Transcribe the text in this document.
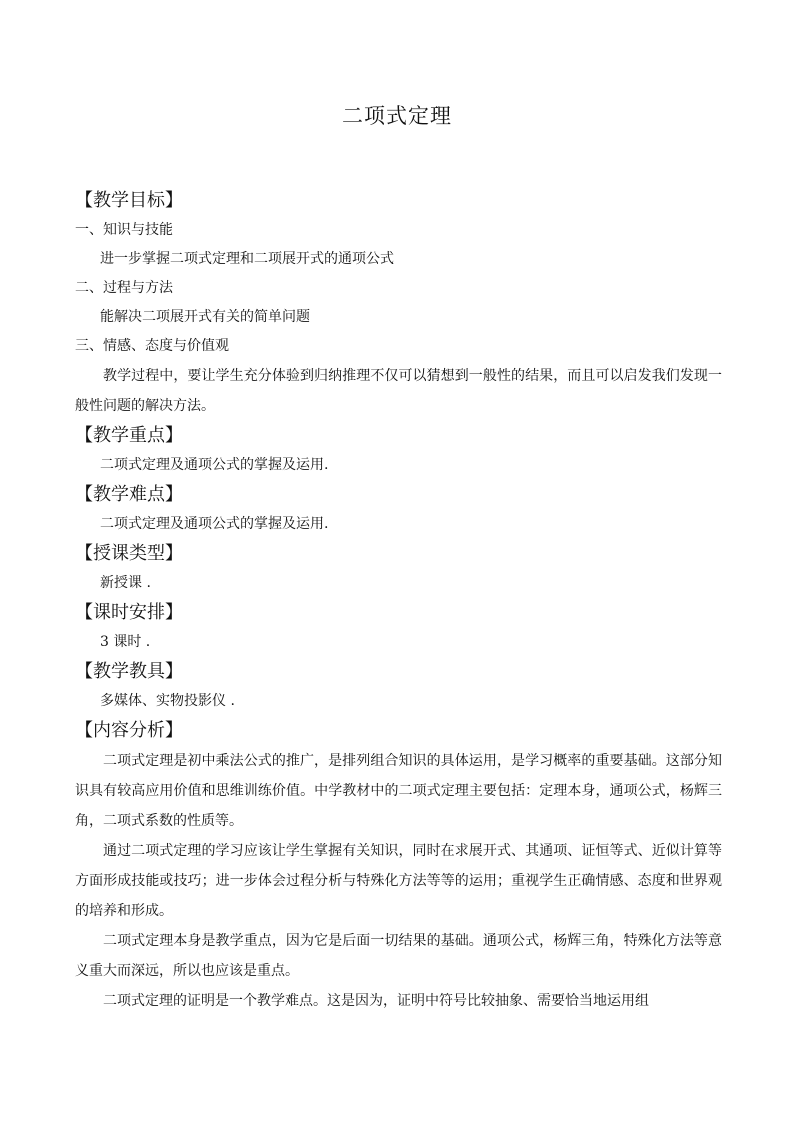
二项式定理

【教学目标】

一、知识与技能

进一步掌握二项式定理和二项展开式的通项公式

二、过程与方法

能解决二项展开式有关的简单问题

三、情感、态度与价值观

教学过程中，要让学生充分体验到归纳推理不仅可以猜想到一般性的结果，而且可以启发我们发现一般性问题的解决方法。

【教学重点】

二项式定理及通项公式的掌握及运用.

【教学难点】

二项式定理及通项公式的掌握及运用.

【授课类型】

新授课 .

【课时安排】

3 课时 .

【教学教具】

多媒体、实物投影仪 .

【内容分析】

二项式定理是初中乘法公式的推广，是排列组合知识的具体运用，是学习概率的重要基础。这部分知识具有较高应用价值和思维训练价值。中学教材中的二项式定理主要包括：定理本身，通项公式，杨辉三角，二项式系数的性质等。

通过二项式定理的学习应该让学生掌握有关知识，同时在求展开式、其通项、证恒等式、近似计算等方面形成技能或技巧；进一步体会过程分析与特殊化方法等等的运用；重视学生正确情感、态度和世界观的培养和形成。

二项式定理本身是教学重点，因为它是后面一切结果的基础。通项公式，杨辉三角，特殊化方法等意义重大而深远，所以也应该是重点。

二项式定理的证明是一个教学难点。这是因为，证明中符号比较抽象、需要恰当地运用组
